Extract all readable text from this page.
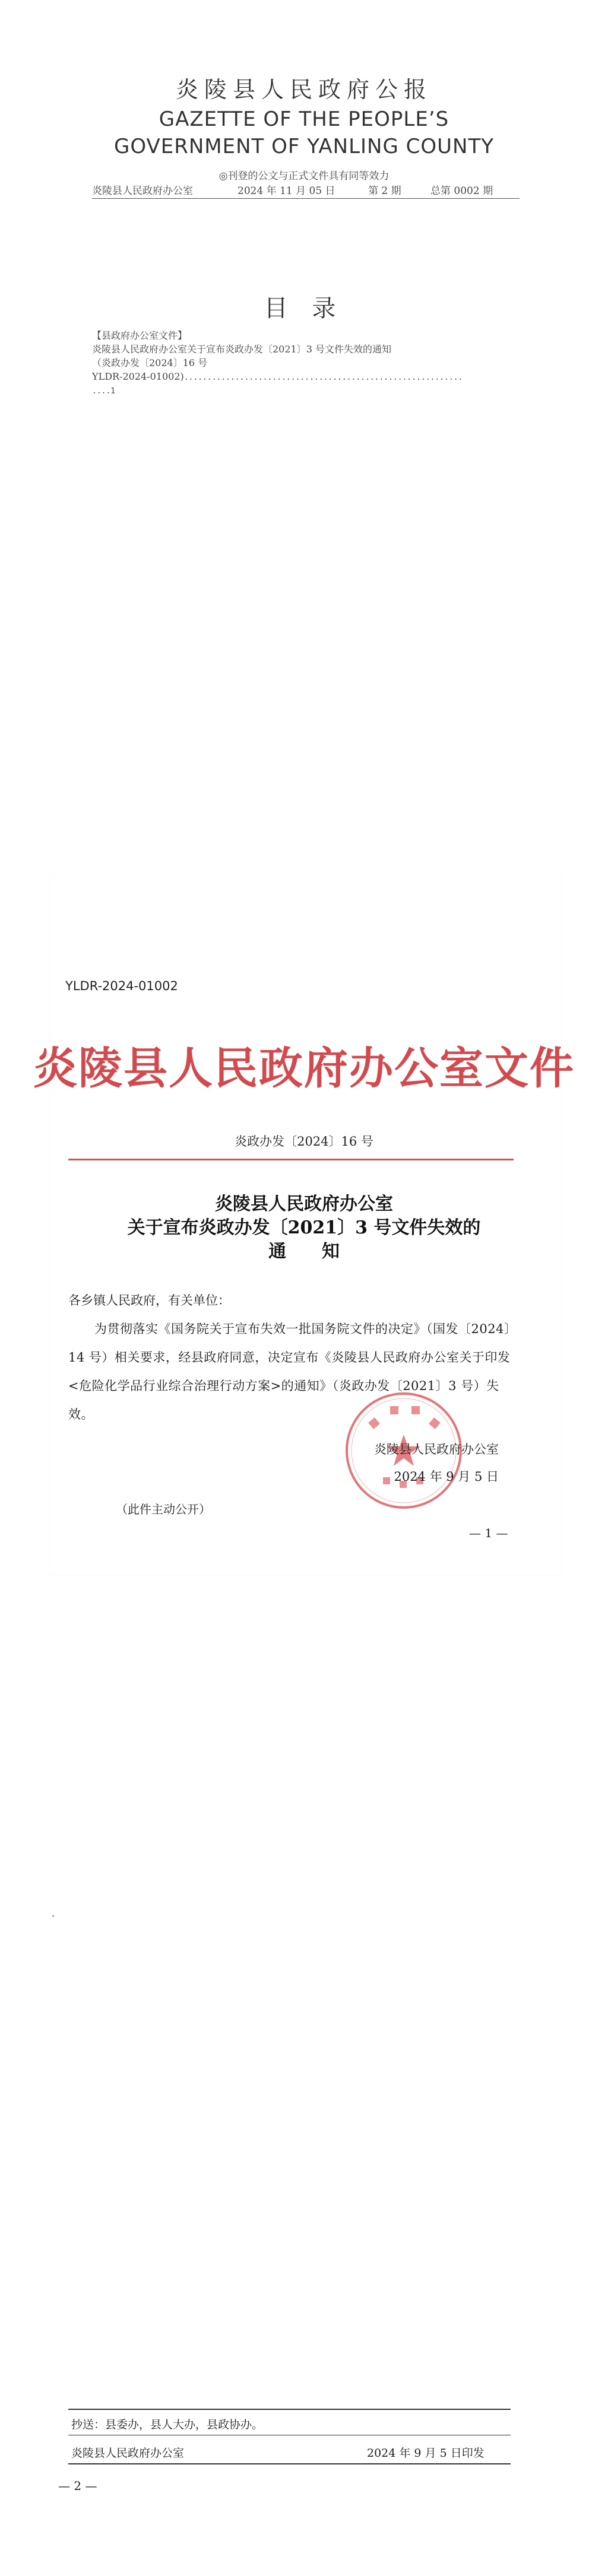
炎陵县人民政府公报
GAZETTE OF THE PEOPLE’S GOVERNMENT OF YANLING COUNTY
◎刊登的公文与正式文件具有同等效力
炎陵县人民政府办公室	2024 年 11 月 05 日	第 2 期	总第 0002 期
目 录
【县政府办公室文件】
炎陵县人民政府办公室关于宣布炎政办发〔2021〕3 号文件失效的通知
（炎政办发〔2024〕16 号
YLDR-2024-01002)............................................................
....1
YLDR-2024-01002
炎陵县人民政府办公室文件
炎政办发〔2024〕16 号
炎陵县人民政府办公室
关于宣布炎政办发〔2021〕3 号文件失效的
通知

各乡镇人民政府，有关单位：

为贯彻落实《国务院关于宣布失效一批国务院文件的决定》（国发〔2024〕14 号）相关要求，经县政府同意，决定宣布《炎陵县人民政府办公室关于印发<危险化学品行业综合治理行动方案>的通知》（炎政办发〔2021〕3 号）失效。

炎陵县人民政府办公室
2024 年 9 月 5 日
（此件主动公开）
— 1 —
抄送：县委办，县人大办，县政协办。
炎陵县人民政府办公室	2024 年 9 月 5 日印发
— 2 —
